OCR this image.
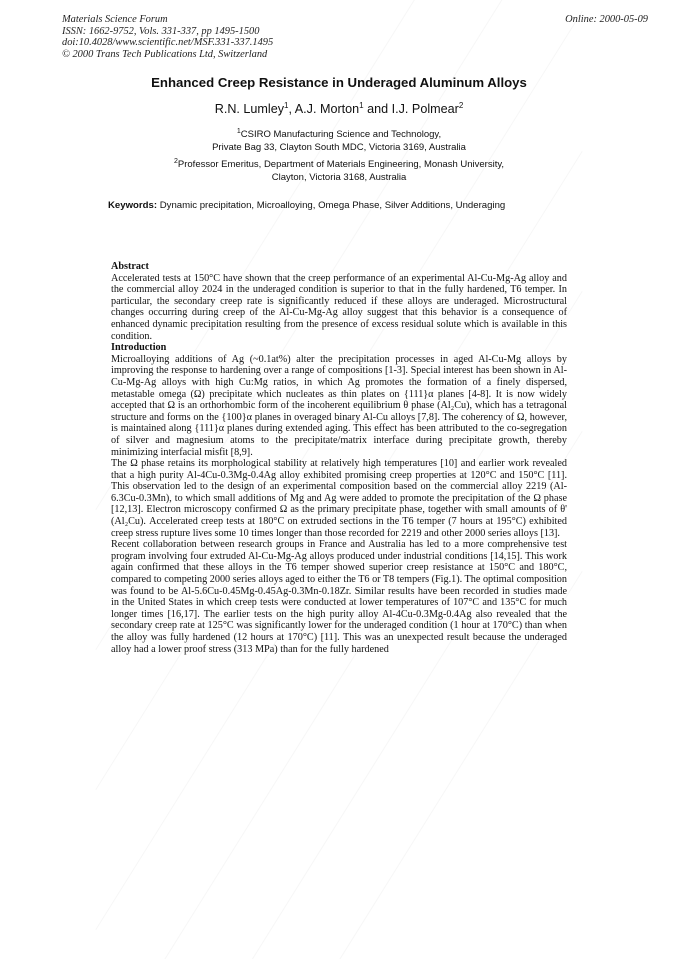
Materials Science Forum
ISSN: 1662-9752, Vols. 331-337, pp 1495-1500
doi:10.4028/www.scientific.net/MSF.331-337.1495
© 2000 Trans Tech Publications Ltd, Switzerland
Online: 2000-05-09
Enhanced Creep Resistance in Underaged Aluminum Alloys
R.N. Lumley$^1$, A.J. Morton$^1$ and I.J. Polmear$^2$
$^1$CSIRO Manufacturing Science and Technology,
Private Bag 33, Clayton South MDC, Victoria 3169, Australia
$^2$Professor Emeritus, Department of Materials Engineering, Monash University,
Clayton, Victoria 3168, Australia
Keywords: Dynamic precipitation, Microalloying, Omega Phase, Silver Additions, Underaging
Abstract

Accelerated tests at 150°C have shown that the creep performance of an experimental Al-Cu-Mg-Ag alloy and the commercial alloy 2024 in the underaged condition is superior to that in the fully hardened, T6 temper. In particular, the secondary creep rate is significantly reduced if these alloys are underaged. Microstructural changes occurring during creep of the Al-Cu-Mg-Ag alloy suggest that this behavior is a consequence of enhanced dynamic precipitation resulting from the presence of excess residual solute which is available in this condition.

Introduction

Microalloying additions of Ag (~0.1at%) alter the precipitation processes in aged Al-Cu-Mg alloys by improving the response to hardening over a range of compositions [1-3]. Special interest has been shown in Al-Cu-Mg-Ag alloys with high Cu:Mg ratios, in which Ag promotes the formation of a finely dispersed, metastable omega (Ω) precipitate which nucleates as thin plates on {111}α planes [4-8]. It is now widely accepted that Ω is an orthorhombic form of the incoherent equilibrium θ phase (Al₂Cu), which has a tetragonal structure and forms on the {100}α planes in overaged binary Al-Cu alloys [7,8]. The coherency of Ω, however, is maintained along {111}α planes during extended aging. This effect has been attributed to the co-segregation of silver and magnesium atoms to the precipitate/matrix interface during precipitate growth, thereby minimizing interfacial misfit [8,9].

The Ω phase retains its morphological stability at relatively high temperatures [10] and earlier work revealed that a high purity Al-4Cu-0.3Mg-0.4Ag alloy exhibited promising creep properties at 120°C and 150°C [11]. This observation led to the design of an experimental composition based on the commercial alloy 2219 (Al-6.3Cu-0.3Mn), to which small additions of Mg and Ag were added to promote the precipitation of the Ω phase [12,13]. Electron microscopy confirmed Ω as the primary precipitate phase, together with small amounts of θ' (Al₂Cu). Accelerated creep tests at 180°C on extruded sections in the T6 temper (7 hours at 195°C) exhibited creep stress rupture lives some 10 times longer than those recorded for 2219 and other 2000 series alloys [13].

Recent collaboration between research groups in France and Australia has led to a more comprehensive test program involving four extruded Al-Cu-Mg-Ag alloys produced under industrial conditions [14,15]. This work again confirmed that these alloys in the T6 temper showed superior creep resistance at 150°C and 180°C, compared to competing 2000 series alloys aged to either the T6 or T8 tempers (Fig.1). The optimal composition was found to be Al-5.6Cu-0.45Mg-0.45Ag-0.3Mn-0.18Zr. Similar results have been recorded in studies made in the United States in which creep tests were conducted at lower temperatures of 107°C and 135°C for much longer times [16,17]. The earlier tests on the high purity alloy Al-4Cu-0.3Mg-0.4Ag also revealed that the secondary creep rate at 125°C was significantly lower for the underaged condition (1 hour at 170°C) than when the alloy was fully hardened (12 hours at 170°C) [11]. This was an unexpected result because the underaged alloy had a lower proof stress (313 MPa) than for the fully hardened
